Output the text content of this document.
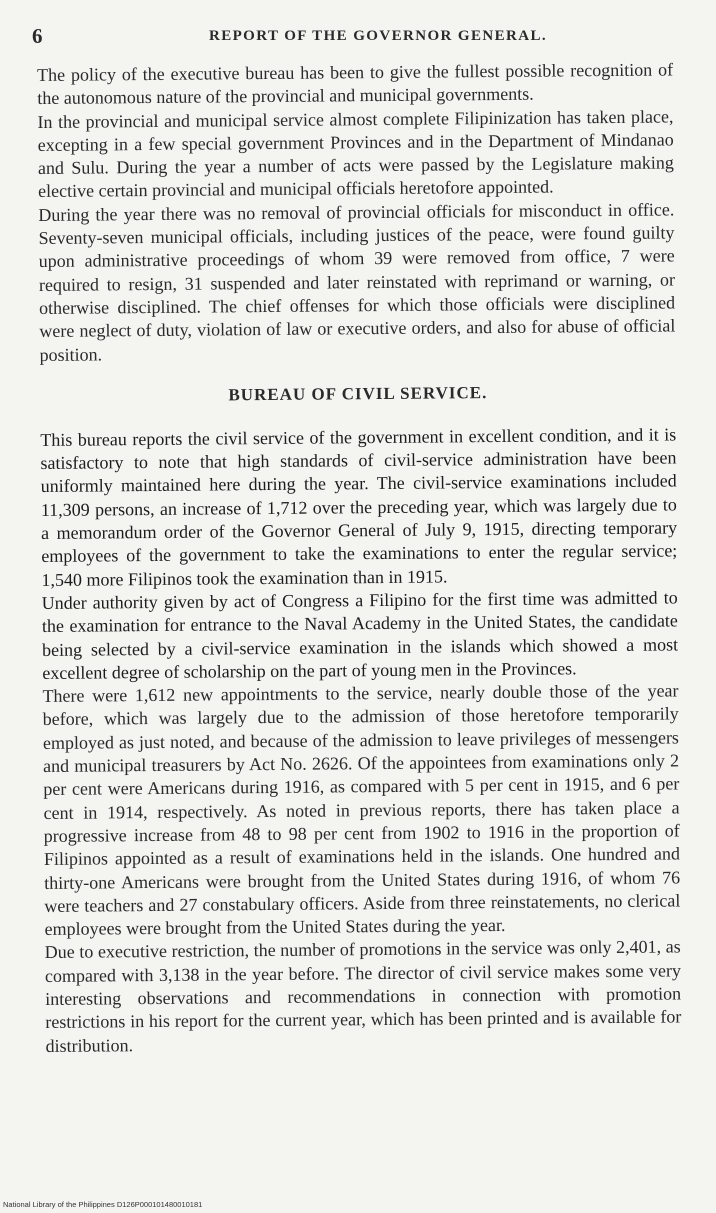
6	REPORT OF THE GOVERNOR GENERAL.

The policy of the executive bureau has been to give the fullest possible recognition of the autonomous nature of the provincial and municipal governments.

In the provincial and municipal service almost complete Filipinization has taken place, excepting in a few special government Provinces and in the Department of Mindanao and Sulu. During the year a number of acts were passed by the Legislature making elective certain provincial and municipal officials heretofore appointed.

During the year there was no removal of provincial officials for misconduct in office. Seventy-seven municipal officials, including justices of the peace, were found guilty upon administrative proceedings of whom 39 were removed from office, 7 were required to resign, 31 suspended and later reinstated with reprimand or warning, or otherwise disciplined. The chief offenses for which those officials were disciplined were neglect of duty, violation of law or executive orders, and also for abuse of official position.

BUREAU OF CIVIL SERVICE.

This bureau reports the civil service of the government in excellent condition, and it is satisfactory to note that high standards of civil-service administration have been uniformly maintained here during the year. The civil-service examinations included 11,309 persons, an increase of 1,712 over the preceding year, which was largely due to a memorandum order of the Governor General of July 9, 1915, directing temporary employees of the government to take the examinations to enter the regular service; 1,540 more Filipinos took the examination than in 1915.

Under authority given by act of Congress a Filipino for the first time was admitted to the examination for entrance to the Naval Academy in the United States, the candidate being selected by a civil-service examination in the islands which showed a most excellent degree of scholarship on the part of young men in the Provinces.

There were 1,612 new appointments to the service, nearly double those of the year before, which was largely due to the admission of those heretofore temporarily employed as just noted, and because of the admission to leave privileges of messengers and municipal treasurers by Act No. 2626. Of the appointees from examinations only 2 per cent were Americans during 1916, as compared with 5 per cent in 1915, and 6 per cent in 1914, respectively. As noted in previous reports, there has taken place a progressive increase from 48 to 98 per cent from 1902 to 1916 in the proportion of Filipinos appointed as a result of examinations held in the islands. One hundred and thirty-one Americans were brought from the United States during 1916, of whom 76 were teachers and 27 constabulary officers. Aside from three reinstatements, no clerical employees were brought from the United States during the year.

Due to executive restriction, the number of promotions in the service was only 2,401, as compared with 3,138 in the year before. The director of civil service makes some very interesting observations and recommendations in connection with promotion restrictions in his report for the current year, which has been printed and is available for distribution.

National Library of the Philippines D126P000101480010181
